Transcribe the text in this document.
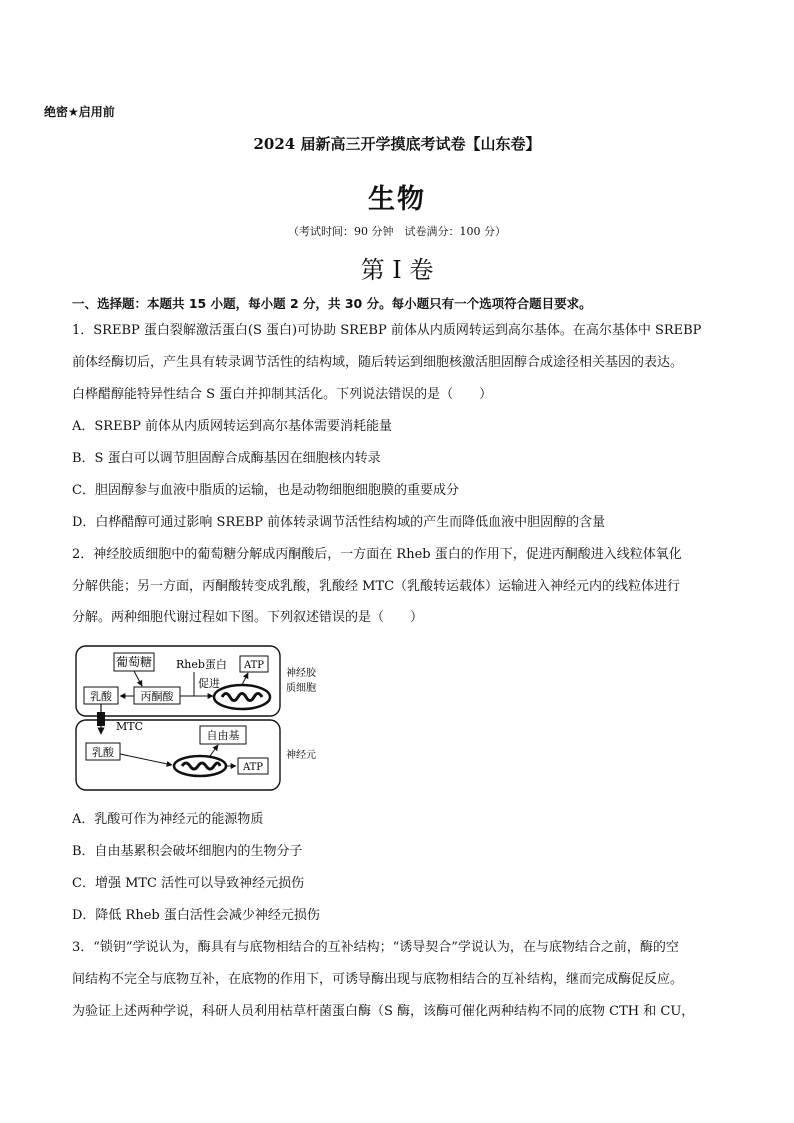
绝密★启用前
2024 届新高三开学摸底考试卷【山东卷】
生物
（考试时间：90 分钟　试卷满分：100 分）
第 I 卷
一、选择题：本题共 15 小题，每小题 2 分，共 30 分。每小题只有一个选项符合题目要求。
1．SREBP 蛋白裂解激活蛋白(S 蛋白)可协助 SREBP 前体从内质网转运到高尔基体。在高尔基体中 SREBP
前体经酶切后，产生具有转录调节活性的结构域，随后转运到细胞核激活胆固醇合成途径相关基因的表达。
白桦醋醇能特异性结合 S 蛋白并抑制其活化。下列说法错误的是（　　）
A．SREBP 前体从内质网转运到高尔基体需要消耗能量
B．S 蛋白可以调节胆固醇合成酶基因在细胞核内转录
C．胆固醇参与血液中脂质的运输，也是动物细胞细胞膜的重要成分
D．白桦醋醇可通过影响 SREBP 前体转录调节活性结构域的产生而降低血液中胆固醇的含量
2．神经胶质细胞中的葡萄糖分解成丙酮酸后，一方面在 Rheb 蛋白的作用下，促进丙酮酸进入线粒体氧化
分解供能；另一方面，丙酮酸转变成乳酸，乳酸经 MTC（乳酸转运载体）运输进入神经元内的线粒体进行
分解。两种细胞代谢过程如下图。下列叙述错误的是（　　）
葡萄糖 Rheb蛋白 ATP
促进
乳酸	丙酮酸
神经胶
质细胞
MTC
自由基
乳酸
ATP
神经元
A．乳酸可作为神经元的能源物质
B．自由基累积会破坏细胞内的生物分子
C．增强 MTC 活性可以导致神经元损伤
D．降低 Rheb 蛋白活性会减少神经元损伤
3．“锁钥”学说认为，酶具有与底物相结合的互补结构；“诱导契合”学说认为，在与底物结合之前，酶的空
间结构不完全与底物互补，在底物的作用下，可诱导酶出现与底物相结合的互补结构，继而完成酶促反应。
为验证上述两种学说，科研人员利用枯草杆菌蛋白酶（S 酶，该酶可催化两种结构不同的底物 CTH 和 CU，
